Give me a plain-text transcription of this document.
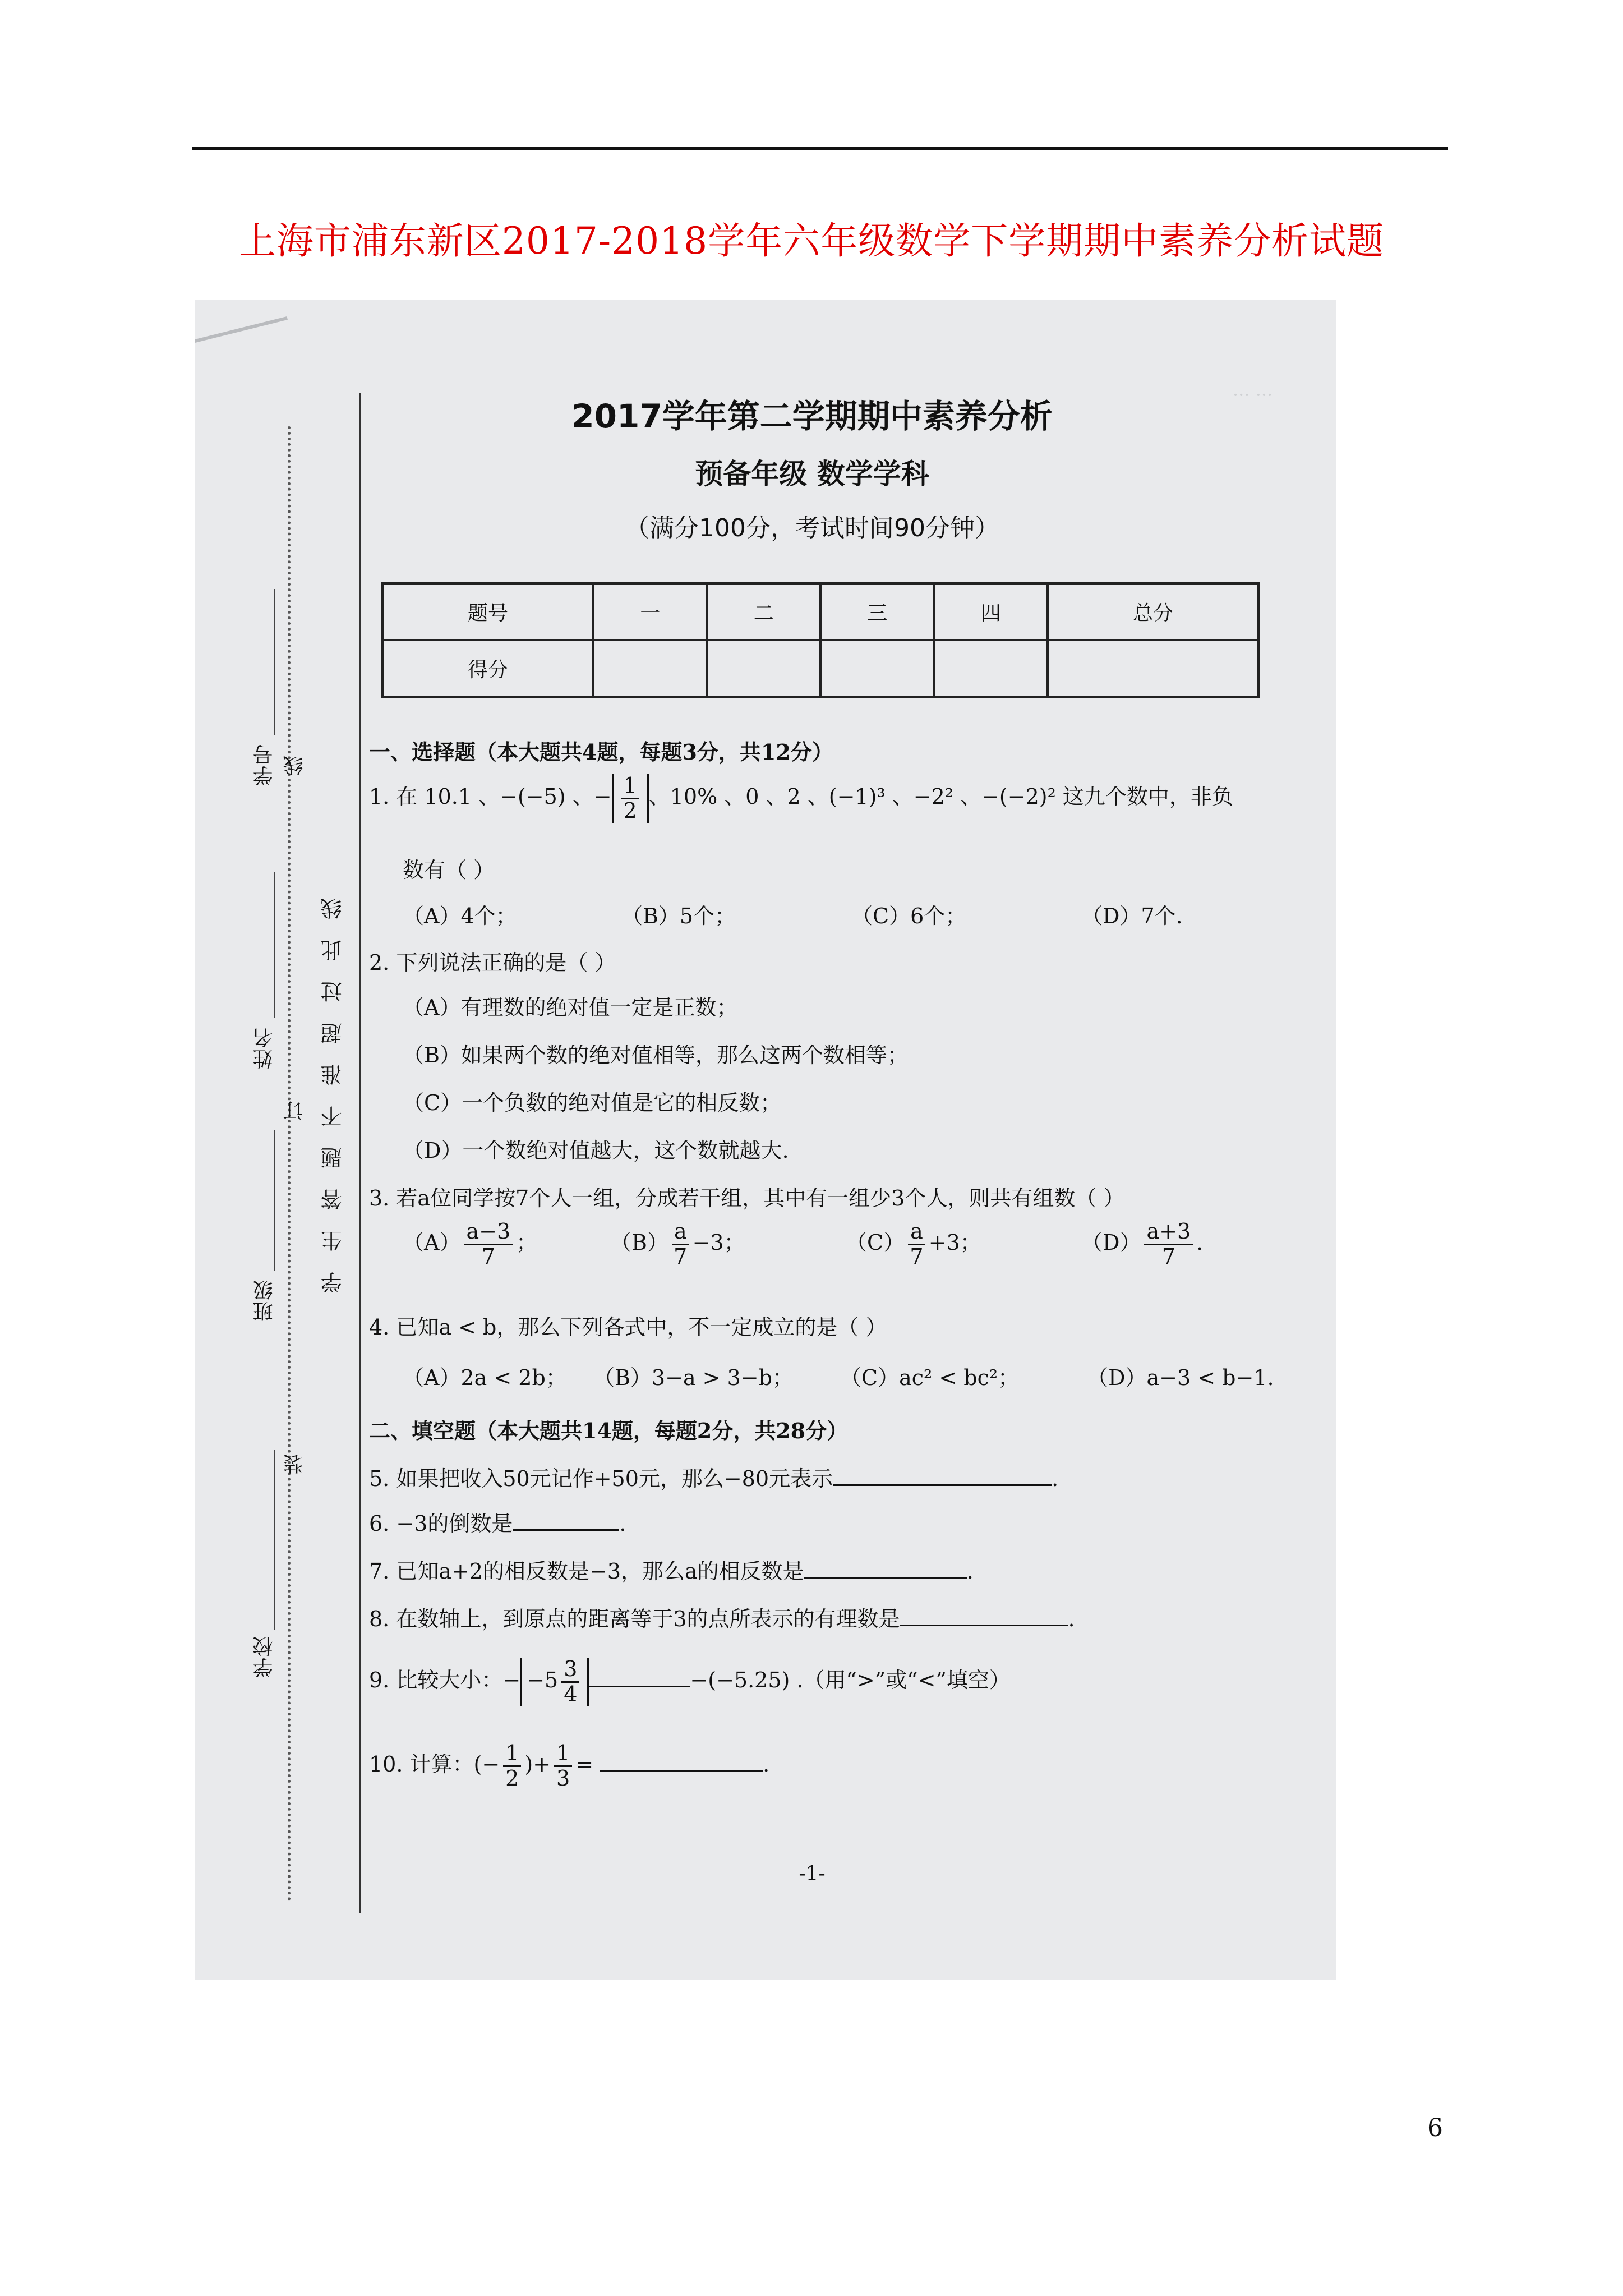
上海市浦东新区2017-2018学年六年级数学下学期期中素养分析试题
··· ···
学校
班级
姓名
学号
装
订
线
学生答题不准超过此线
2017学年第二学期期中素养分析
预备年级 数学学科
（满分100分，考试时间90分钟）
题号	一	二	三	四	总分
得分					
一、选择题（本大题共4题，每题3分，共12分）
1. 在 10.1 、−(−5) 、− $\frac{1}{2}$ 、10% 、0 、2 、(−1)³ 、−2² 、−(−2)² 这九个数中，非负
数有（ ）
（A）4个；	（B）5个；	（C）6个；	（D）7个.
2. 下列说法正确的是（ ）
（A）有理数的绝对值一定是正数；
（B）如果两个数的绝对值相等，那么这两个数相等；
（C）一个负数的绝对值是它的相反数；
（D）一个数绝对值越大，这个数就越大.
3. 若a位同学按7个人一组，分成若干组，其中有一组少3个人，则共有组数（ ）
$(A) \frac{a-3}{7}$ ；	$(B) \frac{a}{7} -3$；	$(C) \frac{a}{7} +3$；	$(D) \frac{a+3}{7}$ .
4. 已知a < b，那么下列各式中，不一定成立的是（ ）
（A）2a < 2b； （B）3−a > 3−b； （C）ac² < bc²；	（D）a−3 < b−1.
二、填空题（本大题共14题，每题2分，共28分）
5. 如果把收入50元记作+50元，那么−80元表示	.
6. −3的倒数是	.
7. 已知a+2的相反数是−3，那么a的相反数是	.
8. 在数轴上，到原点的距离等于3的点所表示的有理数是	.
9. 比较大小：− $-5 \frac{3}{4}$	−(−5.25) .（用“>”或“<”填空）
10. 计算：(− $\frac{1}{2}$ )+ $\frac{1}{3}$ =	.
-1-
6
